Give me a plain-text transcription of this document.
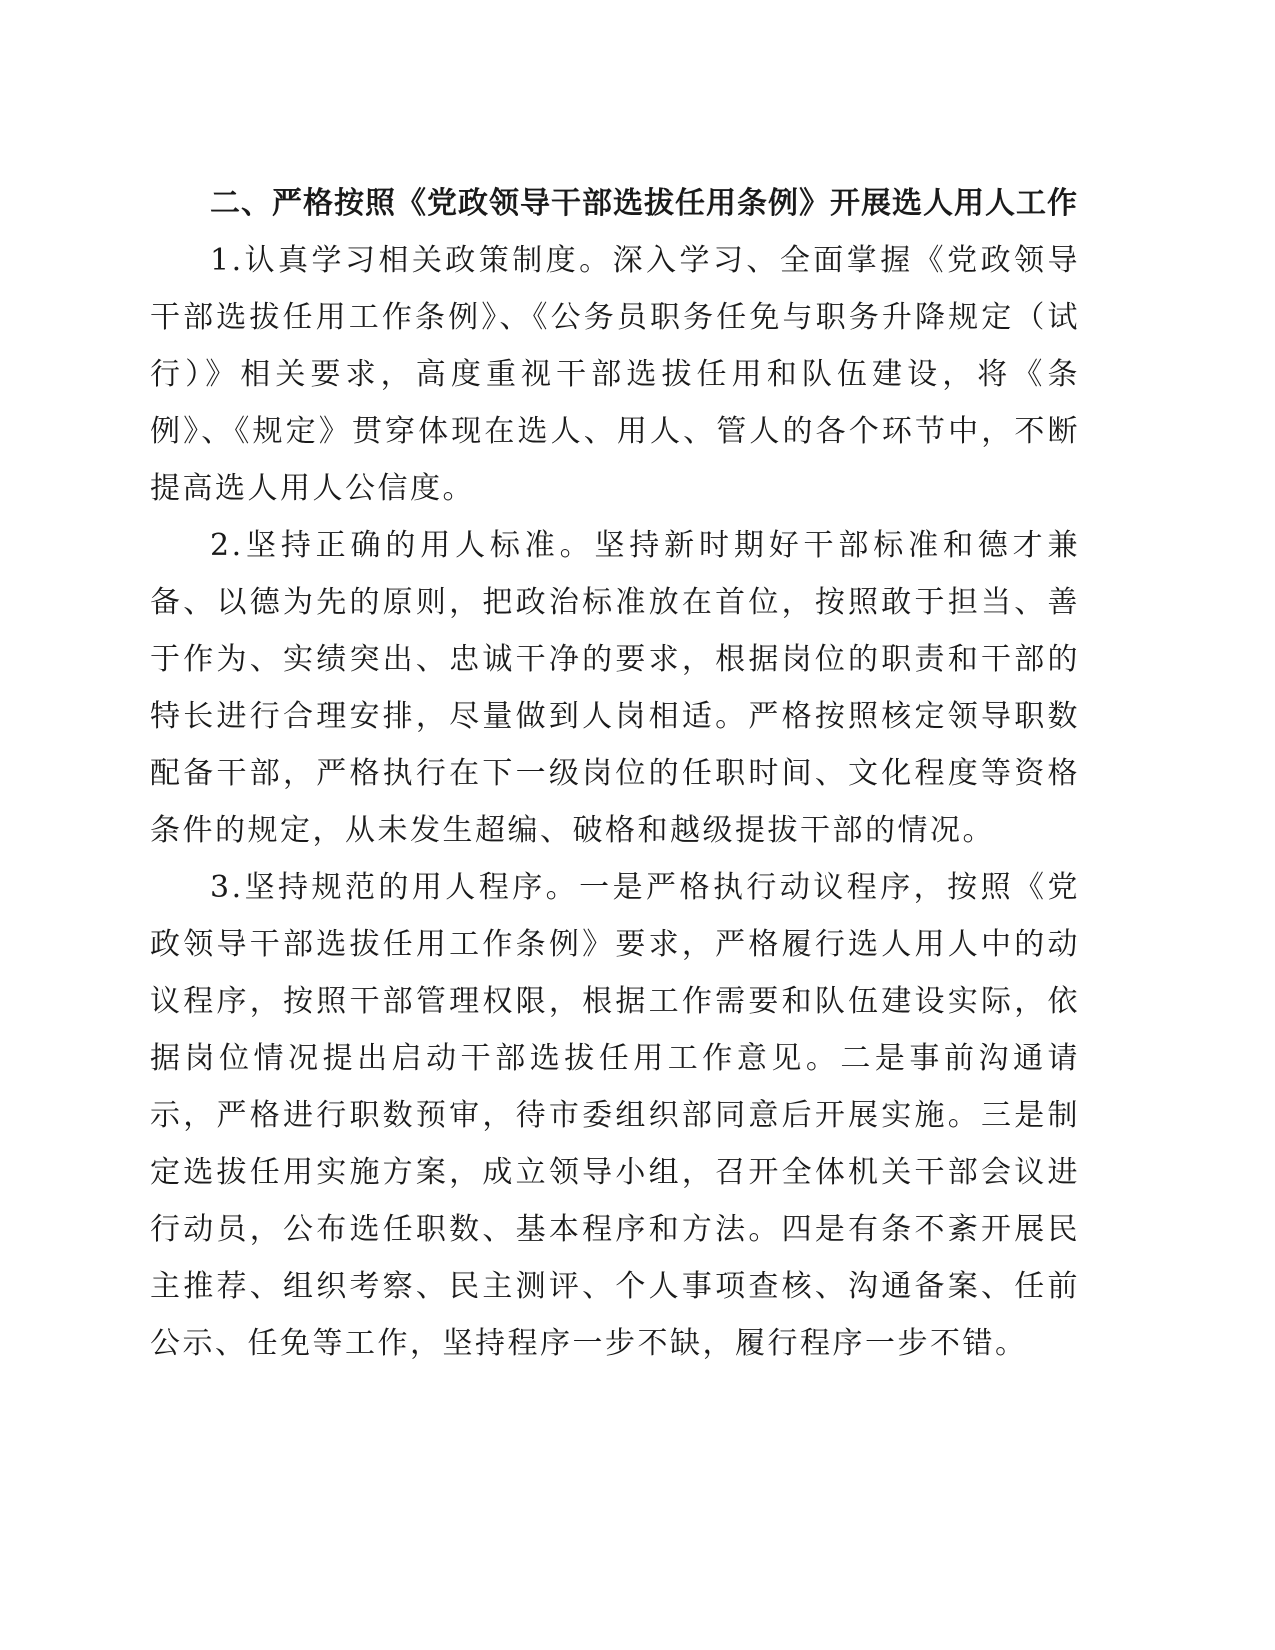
二、严格按照《党政领导干部选拔任用条例》开展选人用人工作

1.认真学习相关政策制度。深入学习、全面掌握《党政领导干部选拔任用工作条例》、《公务员职务任免与职务升降规定（试行）》相关要求，高度重视干部选拔任用和队伍建设，将《条例》、《规定》贯穿体现在选人、用人、管人的各个环节中，不断提高选人用人公信度。

2.坚持正确的用人标准。坚持新时期好干部标准和德才兼备、以德为先的原则，把政治标准放在首位，按照敢于担当、善于作为、实绩突出、忠诚干净的要求，根据岗位的职责和干部的特长进行合理安排，尽量做到人岗相适。严格按照核定领导职数配备干部，严格执行在下一级岗位的任职时间、文化程度等资格条件的规定，从未发生超编、破格和越级提拔干部的情况。

3.坚持规范的用人程序。一是严格执行动议程序，按照《党政领导干部选拔任用工作条例》要求，严格履行选人用人中的动议程序，按照干部管理权限，根据工作需要和队伍建设实际，依据岗位情况提出启动干部选拔任用工作意见。二是事前沟通请示，严格进行职数预审，待市委组织部同意后开展实施。三是制定选拔任用实施方案，成立领导小组，召开全体机关干部会议进行动员，公布选任职数、基本程序和方法。四是有条不紊开展民主推荐、组织考察、民主测评、个人事项查核、沟通备案、任前公示、任免等工作，坚持程序一步不缺，履行程序一步不错。
